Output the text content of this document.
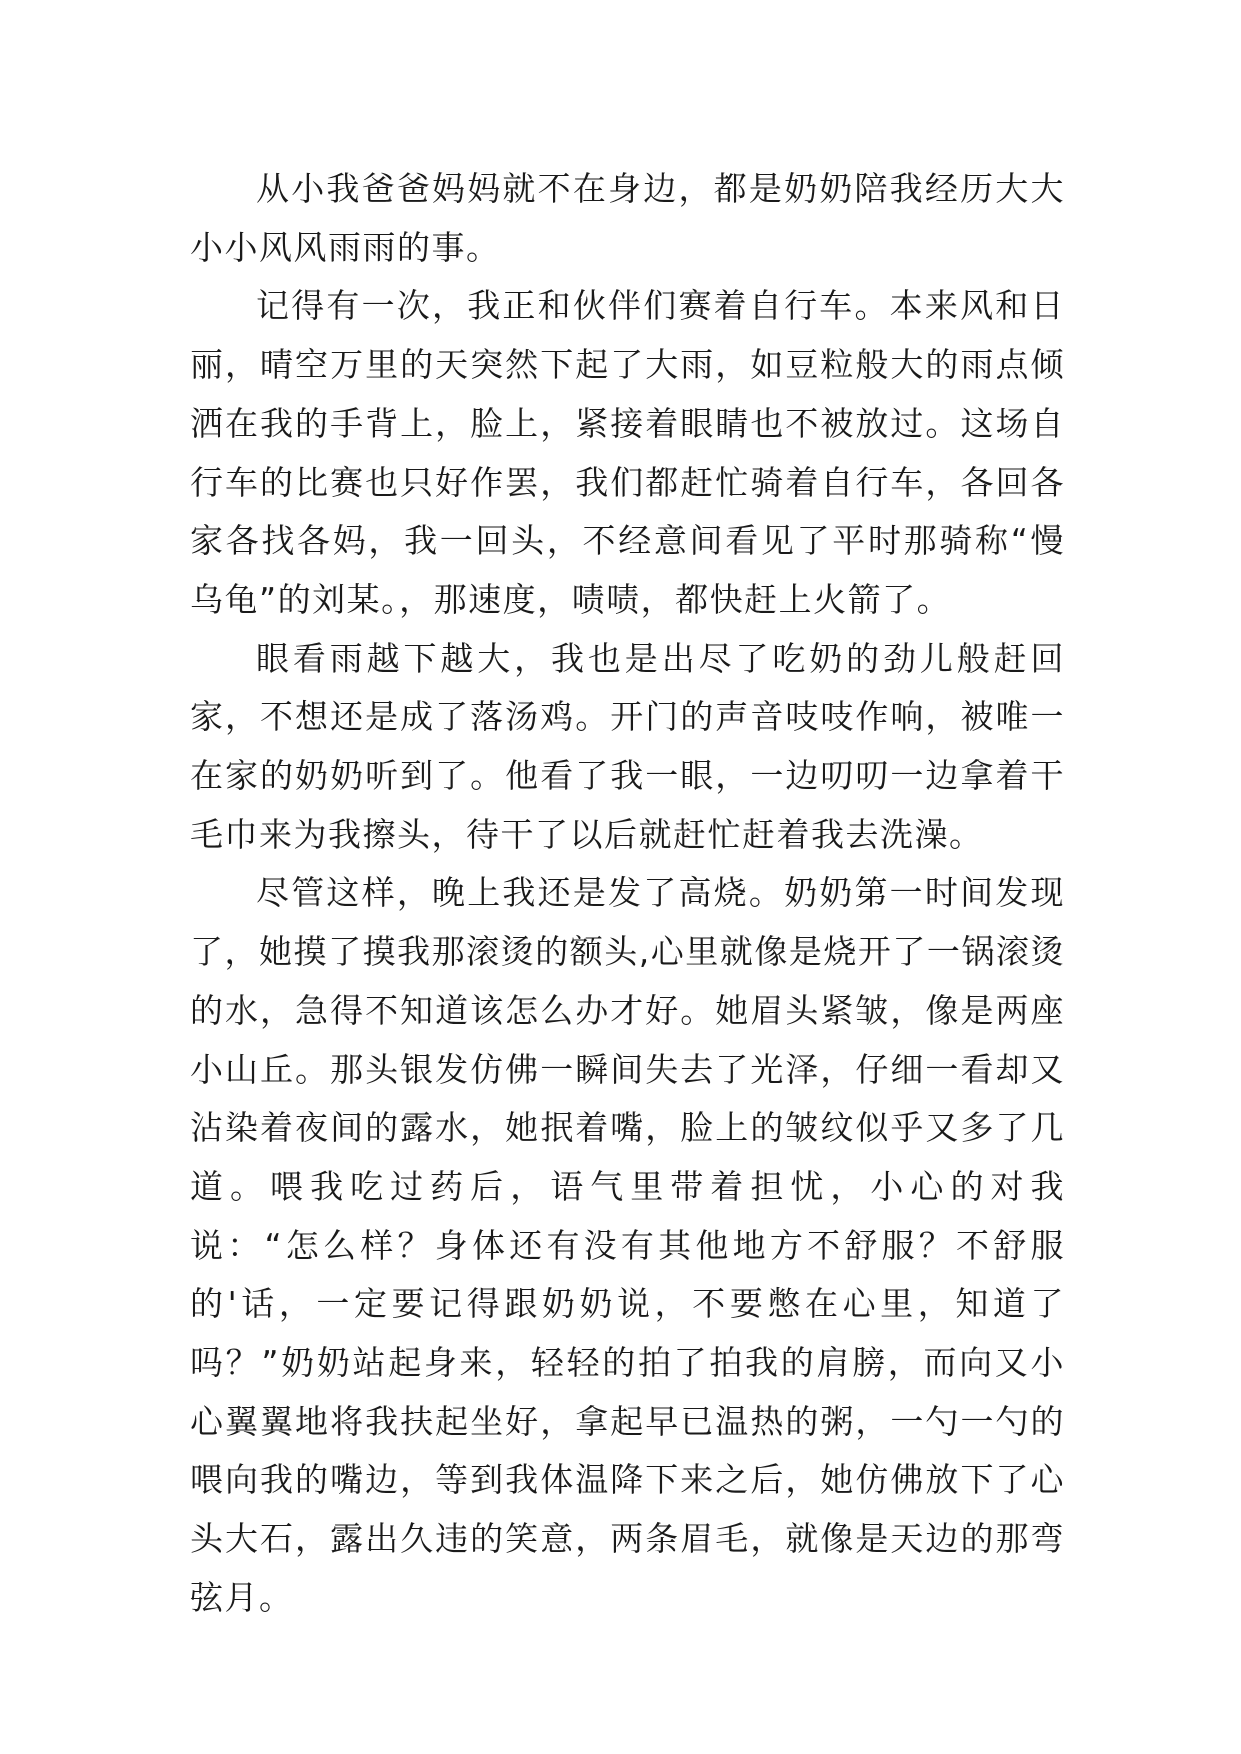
从小我爸爸妈妈就不在身边，都是奶奶陪我经历大大小小风风雨雨的事。

记得有一次，我正和伙伴们赛着自行车。本来风和日丽，晴空万里的天突然下起了大雨，如豆粒般大的雨点倾洒在我的手背上，脸上，紧接着眼睛也不被放过。这场自行车的比赛也只好作罢，我们都赶忙骑着自行车，各回各家各找各妈，我一回头，不经意间看见了平时那骑称“慢乌龟”的刘某。，那速度，啧啧，都快赶上火箭了。

眼看雨越下越大，我也是出尽了吃奶的劲儿般赶回家，不想还是成了落汤鸡。开门的声音吱吱作响，被唯一在家的奶奶听到了。他看了我一眼，一边叨叨一边拿着干毛巾来为我擦头，待干了以后就赶忙赶着我去洗澡。

尽管这样，晚上我还是发了高烧。奶奶第一时间发现了，她摸了摸我那滚烫的额头,心里就像是烧开了一锅滚烫的水，急得不知道该怎么办才好。她眉头紧皱，像是两座小山丘。那头银发仿佛一瞬间失去了光泽，仔细一看却又沾染着夜间的露水，她抿着嘴，脸上的皱纹似乎又多了几道。喂我吃过药后，语气里带着担忧，小心的对我说：“怎么样？身体还有没有其他地方不舒服？不舒服的'话，一定要记得跟奶奶说，不要憋在心里，知道了吗？”奶奶站起身来，轻轻的拍了拍我的肩膀，而向又小心翼翼地将我扶起坐好，拿起早已温热的粥，一勺一勺的喂向我的嘴边，等到我体温降下来之后，她仿佛放下了心头大石，露出久违的笑意，两条眉毛，就像是天边的那弯弦月。
